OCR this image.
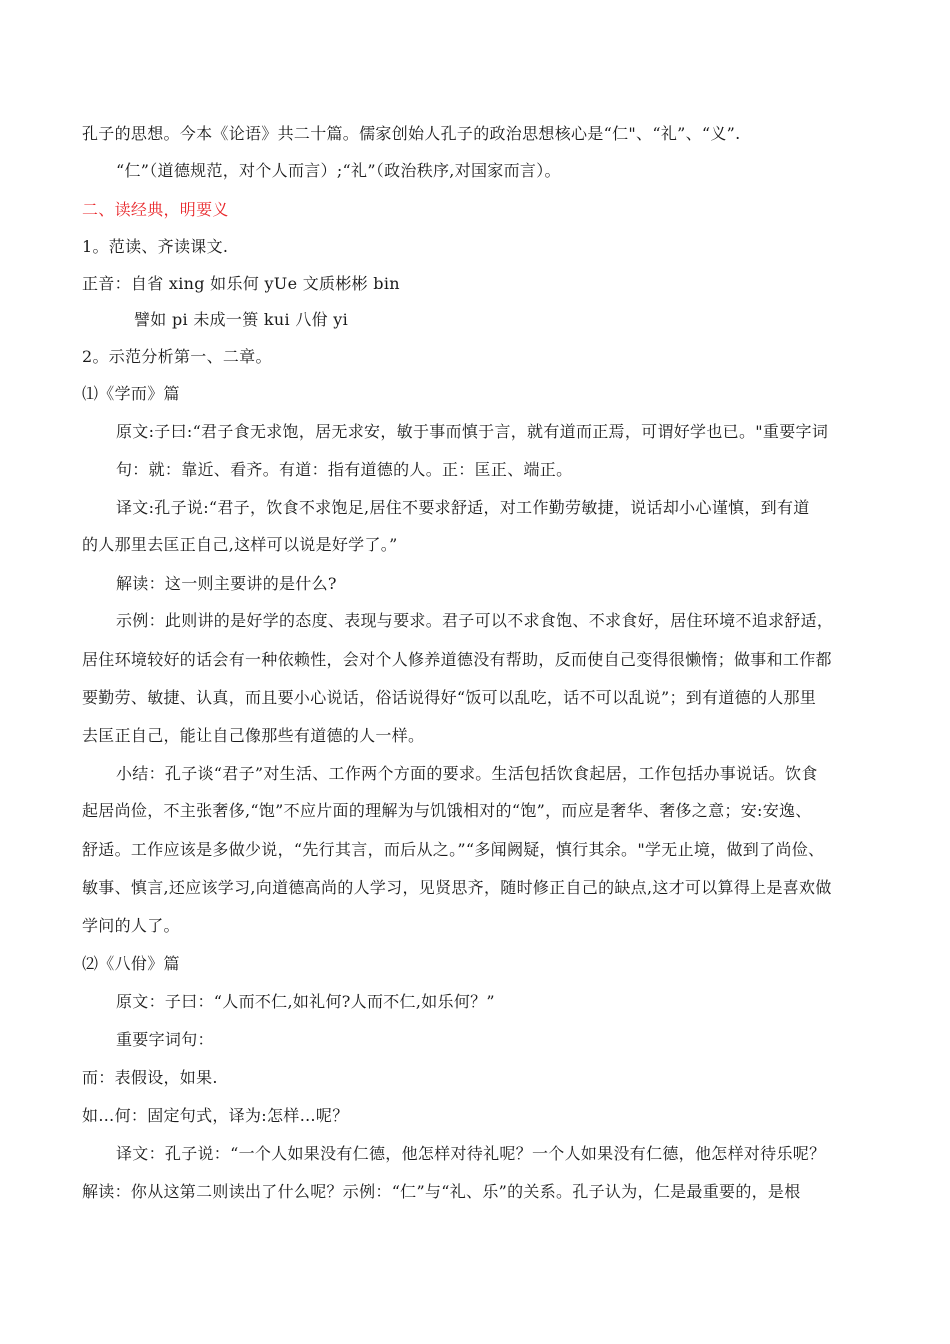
孔子的思想。今本《论语》共二十篇。儒家创始人孔子的政治思想核心是“仁"、“礼”、“义”.
“仁”（道德规范，对个人而言）;“礼”（政治秩序,对国家而言）。
二、读经典，明要义
1。范读、齐读课文.
正音：自省 xing 如乐何 yUe 文质彬彬 bin
譬如 pi 未成一篑 kui 八佾 yi
2。示范分析第一、二章。
⑴《学而》篇
原文:子曰:“君子食无求饱，居无求安，敏于事而慎于言，就有道而正焉，可谓好学也已。"重要字词
句：就：靠近、看齐。有道：指有道德的人。正：匡正、端正。
译文:孔子说:“君子，饮食不求饱足,居住不要求舒适，对工作勤劳敏捷，说话却小心谨慎，到有道
的人那里去匡正自己,这样可以说是好学了。”
解读：这一则主要讲的是什么?
示例：此则讲的是好学的态度、表现与要求。君子可以不求食饱、不求食好，居住环境不追求舒适，
居住环境较好的话会有一种依赖性，会对个人修养道德没有帮助，反而使自己变得很懒惰；做事和工作都
要勤劳、敏捷、认真，而且要小心说话，俗话说得好“饭可以乱吃，话不可以乱说”；到有道德的人那里
去匡正自己，能让自己像那些有道德的人一样。
小结：孔子谈“君子”对生活、工作两个方面的要求。生活包括饮食起居，工作包括办事说话。饮食
起居尚俭，不主张奢侈,“饱”不应片面的理解为与饥饿相对的“饱”，而应是奢华、奢侈之意；安:安逸、
舒适。工作应该是多做少说，“先行其言，而后从之。”“多闻阙疑，慎行其余。"学无止境，做到了尚俭、
敏事、慎言,还应该学习,向道德高尚的人学习，见贤思齐，随时修正自己的缺点,这才可以算得上是喜欢做
学问的人了。
⑵《八佾》篇
原文：子曰：“人而不仁,如礼何?人而不仁,如乐何？”
重要字词句：
而：表假设，如果.
如…何：固定句式，译为:怎样…呢？
译文：孔子说：“一个人如果没有仁德，他怎样对待礼呢？一个人如果没有仁德，他怎样对待乐呢？
解读：你从这第二则读出了什么呢？示例：“仁”与“礼、乐”的关系。孔子认为，仁是最重要的，是根
